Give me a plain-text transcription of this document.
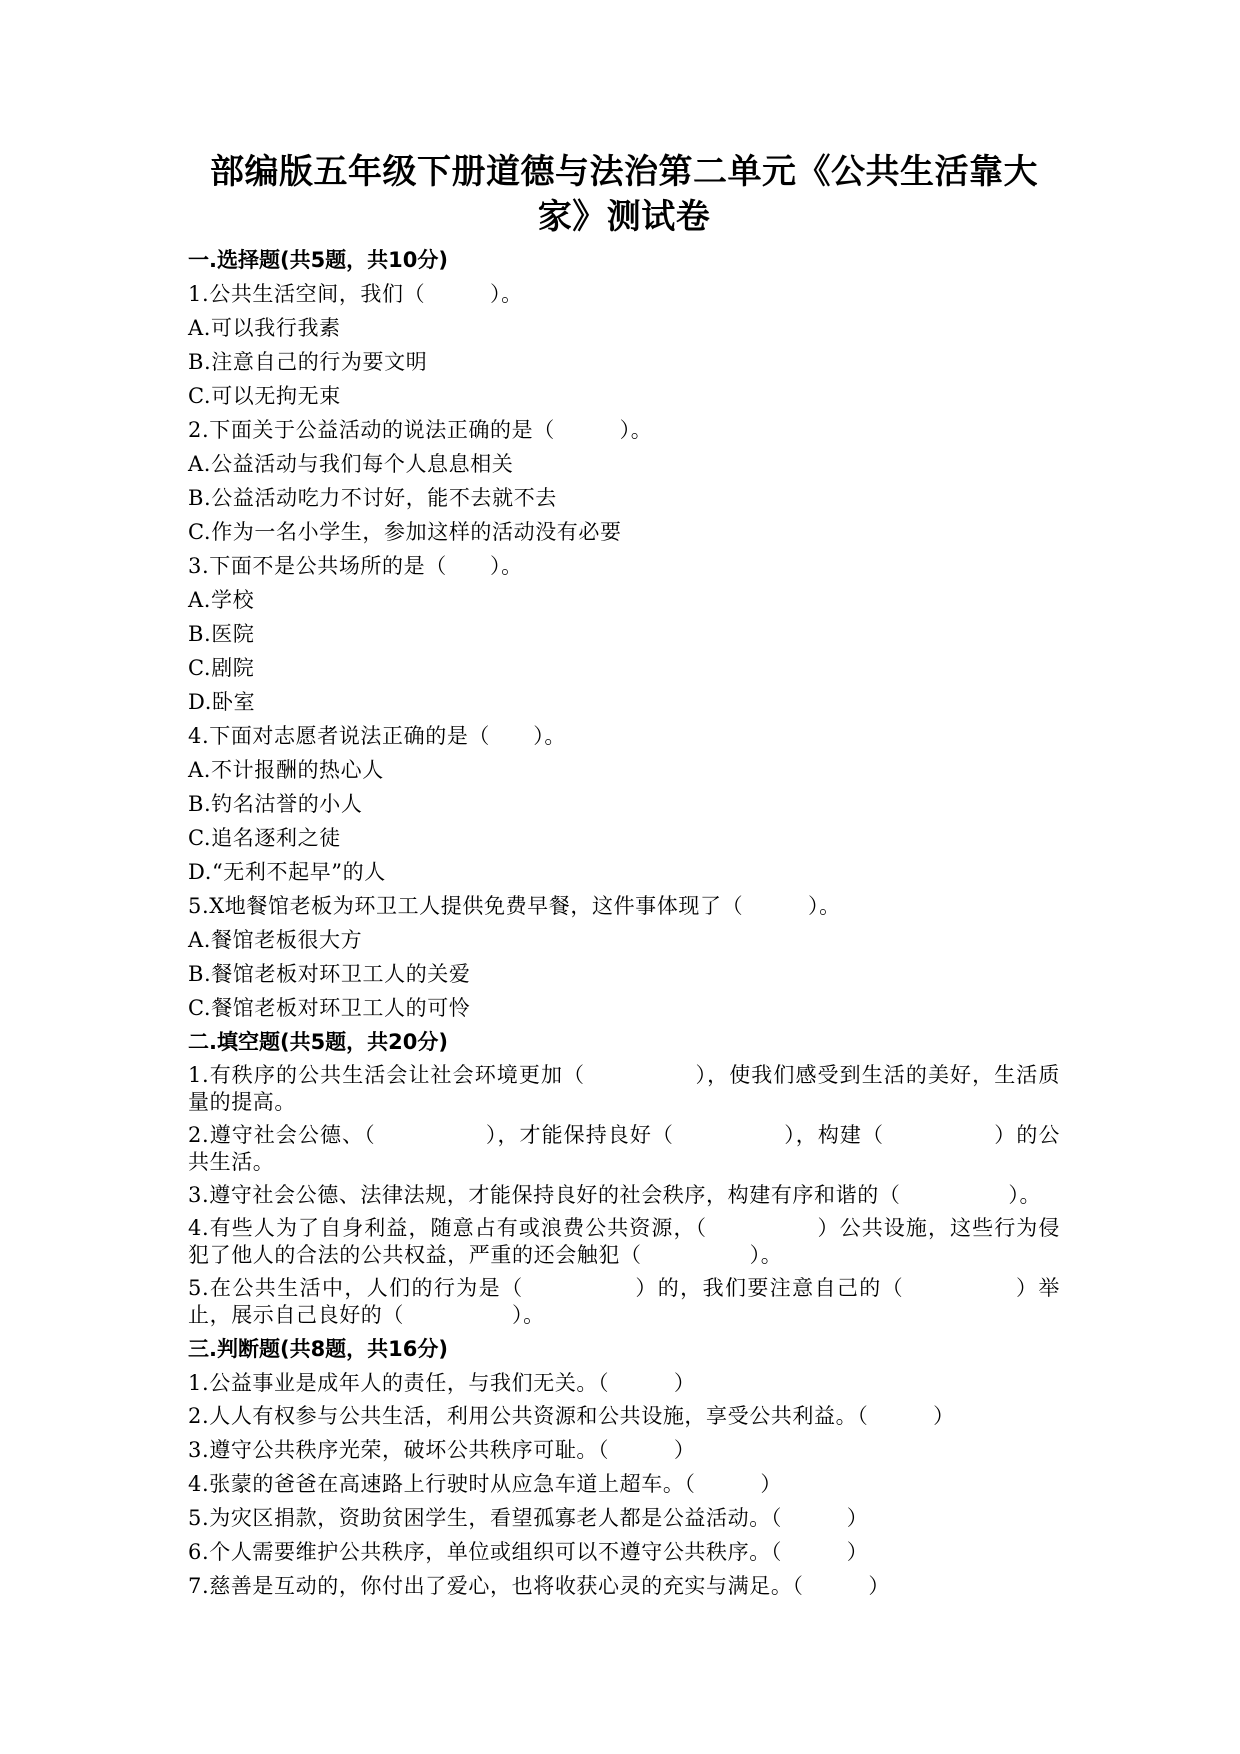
部编版五年级下册道德与法治第二单元《公共生活靠大家》测试卷
一.选择题(共5题，共10分)
1.公共生活空间，我们（　　　）。
A.可以我行我素
B.注意自己的行为要文明
C.可以无拘无束
2.下面关于公益活动的说法正确的是（　　　）。
A.公益活动与我们每个人息息相关
B.公益活动吃力不讨好，能不去就不去
C.作为一名小学生，参加这样的活动没有必要
3.下面不是公共场所的是（　　）。
A.学校
B.医院
C.剧院
D.卧室
4.下面对志愿者说法正确的是（　　）。
A.不计报酬的热心人
B.钓名沽誉的小人
C.追名逐利之徒
D.“无利不起早”的人
5.X地餐馆老板为环卫工人提供免费早餐，这件事体现了（　　　）。
A.餐馆老板很大方
B.餐馆老板对环卫工人的关爱
C.餐馆老板对环卫工人的可怜
二.填空题(共5题，共20分)
1.有秩序的公共生活会让社会环境更加（　　　　　），使我们感受到生活的美好，生活质量的提高。
2.遵守社会公德、（　　　　　），才能保持良好（　　　　　），构建（　　　　　）的公共生活。
3.遵守社会公德、法律法规，才能保持良好的社会秩序，构建有序和谐的（　　　　　）。
4.有些人为了自身利益，随意占有或浪费公共资源，（　　　　　）公共设施，这些行为侵犯了他人的合法的公共权益，严重的还会触犯（　　　　　）。
5.在公共生活中，人们的行为是（　　　　　）的，我们要注意自己的（　　　　　）举止，展示自己良好的（　　　　　）。
三.判断题(共8题，共16分)
1.公益事业是成年人的责任，与我们无关。（　　　）
2.人人有权参与公共生活，利用公共资源和公共设施，享受公共利益。（　　　）
3.遵守公共秩序光荣，破坏公共秩序可耻。（　　　）
4.张蒙的爸爸在高速路上行驶时从应急车道上超车。（　　　）
5.为灾区捐款，资助贫困学生，看望孤寡老人都是公益活动。（　　　）
6.个人需要维护公共秩序，单位或组织可以不遵守公共秩序。（　　　）
7.慈善是互动的，你付出了爱心，也将收获心灵的充实与满足。（　　　）
